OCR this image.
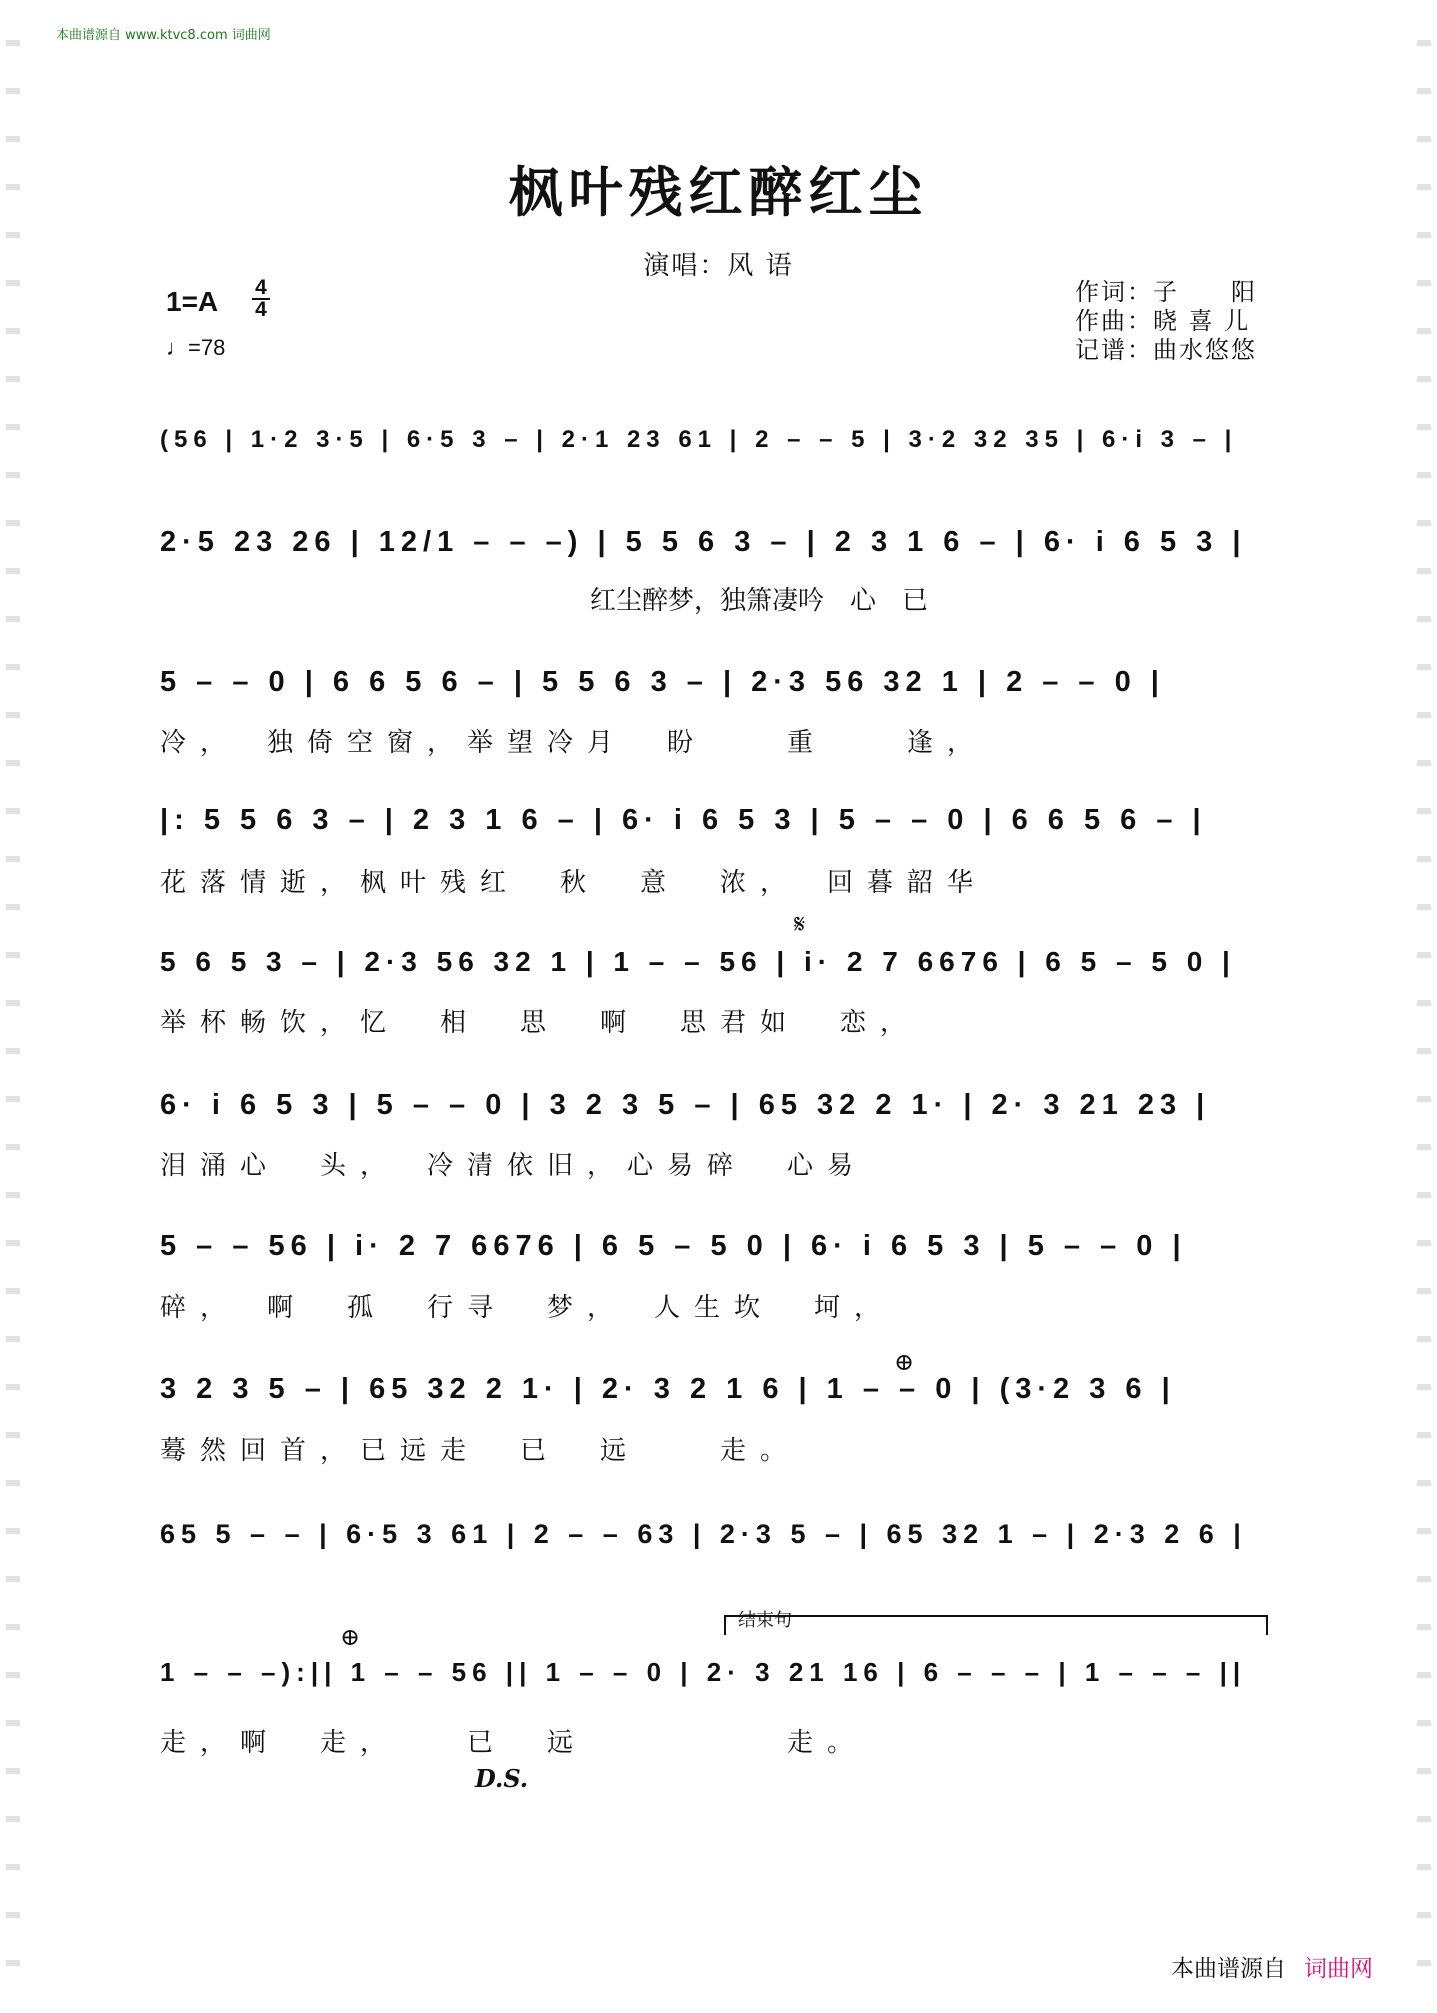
本曲谱源自 www.ktvc8.com 词曲网
枫叶残红醉红尘
演唱：风 语
1=A 4
4
♩=78
作词：子　　阳
作曲：晓 喜 儿
记谱：曲水悠悠
(56 | 1·2 3·5 | 6·5 3 – | 2·1 23 61 | 2 – – 5 | 3·2 32 35 | 6·i 3 – |
2·5 23 26 | 12/1 – – –) | 5 5 6 3 – | 2 3 1 6 – | 6· i 6 5 3 |
红尘醉梦，独箫凄吟　心　已
5 – – 0 | 6 6 5 6 – | 5 5 6 3 – | 2·3 56 32 1 | 2 – – 0 |
冷，　独倚空窗，举望冷月　盼　　重　　逢，
|: 5 5 6 3 – | 2 3 1 6 – | 6· i 6 5 3 | 5 – – 0 | 6 6 5 6 – |
花落情逝，枫叶残红　秋　意　浓，　回暮韶华
5 6 5 3 – | 2·3 56 32 1 | 1 – – 56 | i· 2 7 6676 | 6 5 – 5 0 |
举杯畅饮，忆　相　思　啊　思君如　恋，
6· i 6 5 3 | 5 – – 0 | 3 2 3 5 – | 65 32 2 1· | 2· 3 21 23 |
泪涌心　头，　冷清依旧，心易碎　心易
5 – – 56 | i· 2 7 6676 | 6 5 – 5 0 | 6· i 6 5 3 | 5 – – 0 |
碎，　啊　孤　行寻　梦，　人生坎　坷，
3 2 3 5 – | 65 32 2 1· | 2· 3 2 1 6 | 1 – – 0 | (3·2 3 6 |
蓦然回首，已远走　已　远　　走。
65 5 – – | 6·5 3 61 | 2 – – 63 | 2·3 5 – | 65 32 1 – | 2·3 2 6 |
1 – – –):|| 1 – – 56 || 1 – – 0 | 2· 3 21 16 | 6 – – – | 1 – – – ||
走，啊　走，　　已　远　　　　　走。
𝄋
⊕
⊕
结束句
D.S.
本曲谱源自 词曲网
